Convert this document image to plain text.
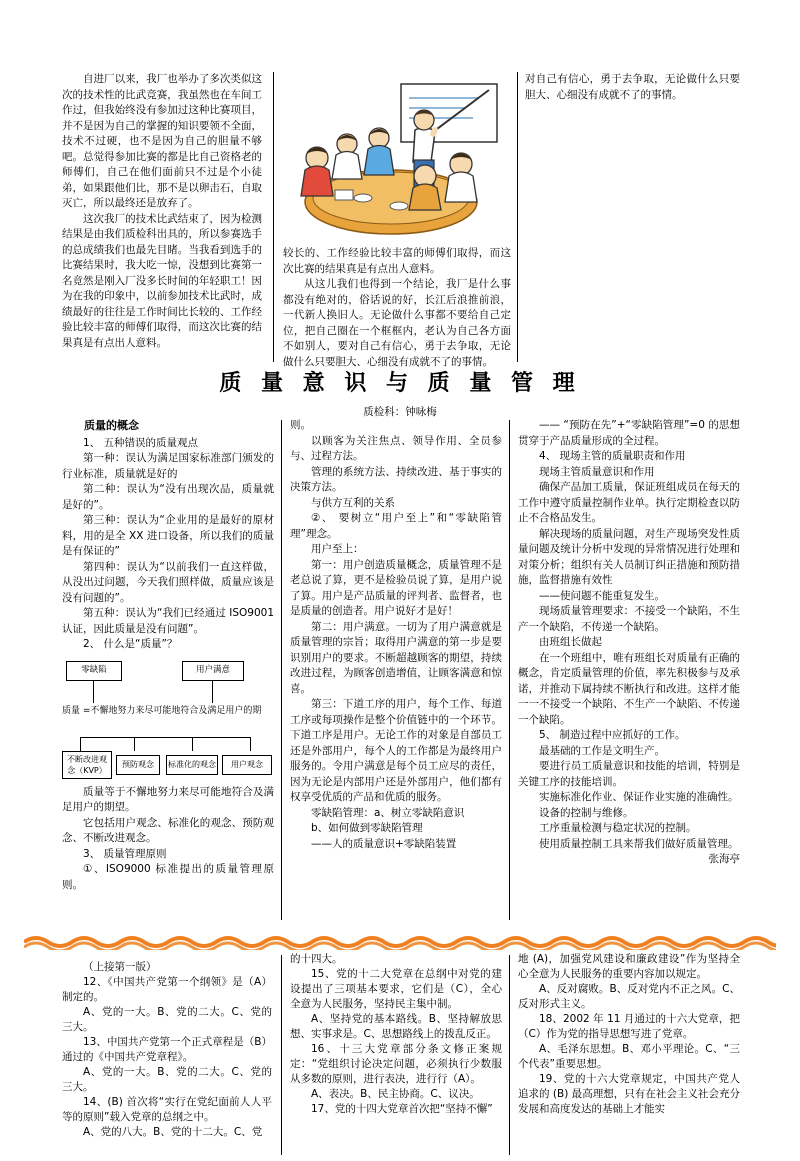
自进厂以来，我厂也举办了多次类似这次的技术性的比武竞赛，我虽然也在车间工作过，但我始终没有参加过这种比赛项目，并不是因为自己的掌握的知识要领不全面，技术不过硬，也不是因为自己的胆量不够吧。总觉得参加比赛的都是比自己资格老的师傅们，自己在他们面前只不过是个小徒弟，如果跟他们比，那不是以卵击石，自取灭亡，所以最终还是放弃了。

这次我厂的技术比武结束了，因为检测结果是由我们质检科出具的，所以参赛选手的总成绩我们也最先目睹。当我看到选手的比赛结果时，我大吃一惊，没想到比赛第一名竟然是刚入厂没多长时间的年轻职工！因为在我的印象中，以前参加技术比武时，成绩最好的往往是工作时间比长较的、工作经验比较丰富的师傅们取得，而这次比赛的结果真是有点出人意料。

较长的、工作经验比较丰富的师傅们取得，而这次比赛的结果真是有点出人意料。

从这儿我们也得到一个结论，我厂是什么事都没有绝对的，俗话说的好，长江后浪推前浪，一代新人换旧人。无论做什么事都不要给自己定位，把自己圈在一个框框内，老认为自己各方面不如别人，要对自己有信心，勇于去争取，无论做什么只要胆大、心细没有成就不了的事情。

对自己有信心，勇于去争取，无论做什么只要胆大、心细没有成就不了的事情。

质 量 意 识 与 质 量 管 理
质检科：钟咏梅
质量的概念

1、 五种错误的质量观点

第一种：误认为满足国家标准部门颁发的行业标准，质量就是好的

第二种：误认为“没有出现次品，质量就是好的”。

第三种：误认为“企业用的是最好的原材料，用的是全 XX 进口设备，所以我们的质量是有保证的”

第四种：误认为“以前我们一直这样做，从没出过问题，今天我们照样做，质量应该是没有问题的”。

第五种：误认为“我们已经通过 ISO9001 认证，因此质量是没有问题”。

2、 什么是“质量”？

零缺陷	用户满意
质量 =不懈地努力来尽可能地符合及满足用户的期
不断改进观念（KVP）
预防观念	标准化的观念	用户观念

质量等于不懈地努力来尽可能地符合及满足用户的期望。

它包括用户观念、标准化的观念、预防观念、不断改进观念。

3、 质量管理原则

①、ISO9000 标准提出的质量管理原则。

则。

以顾客为关注焦点、领导作用、全员参与、过程方法。

管理的系统方法、持续改进、基于事实的决策方法。

与供方互利的关系

②、 要树立“用户至上”和“零缺陷管理”理念。

用户至上：

第一：用户创造质量概念，质量管理不是老总说了算，更不是检验员说了算，是用户说了算。用户是产品质量的评判者、监督者，也是质量的创造者。用户说好才是好！

第二：用户满意。一切为了用户满意就是质量管理的宗旨；取得用户满意的第一步是要识别用户的要求。不断超越顾客的期望，持续改进过程，为顾客创造增值，让顾客满意和惊喜。

第三：下道工序的用户，每个工作、每道工序或每项操作是整个价值链中的一个环节。下道工序是用户。无论工作的对象是自部员工还是外部用户，每个人的工作都是为最终用户服务的。令用户满意是每个员工应尽的责任，因为无论是内部用户还是外部用户，他们都有权享受优质的产品和优质的服务。

零缺陷管理：a、树立零缺陷意识

b、如何做到零缺陷管理

——人的质量意识+零缺陷装置

—— “预防在先”+“零缺陷管理”=0 的思想贯穿于产品质量形成的全过程。

4、 现场主管的质量职责和作用

现场主管质量意识和作用

确保产品加工质量，保证班组成员在每天的工作中遵守质量控制作业单。执行定期检查以防止不合格品发生。

解决现场的质量问题，对生产现场突发性质量问题及统计分析中发现的异常情况进行处理和对策分析；组织有关人员制订纠正措施和预防措施，监督措施有效性

——使问题不能重复发生。

现场质量管理要求：不接受一个缺陷，不生产一个缺陷，不传递一个缺陷。

由班组长做起

在一个班组中，唯有班组长对质量有正确的概念，肯定质量管理的价值，率先积极参与及承诺，并推动下属持续不断执行和改进。这样才能一一不接受一个缺陷、不生产一个缺陷、不传递一个缺陷。

5、 制造过程中应抓好的工作。

最基础的工作是文明生产。

要进行员工质量意识和技能的培训，特别是关键工序的技能培训。

实施标准化作业、保证作业实施的准确性。

设备的控制与维修。

工序重量检测与稳定状况的控制。

使用质量控制工具来帮我们做好质量管理。

张海亭

（上接第一版）

12、《中国共产党第一个纲领》是（A）制定的。

A、党的一大。B、党的二大。C、党的三大。

13、中国共产党第一个正式章程是（B）通过的《中国共产党章程》。

A、党的一大。B、党的二大。C、党的三大。

14、(B) 首次将“实行在党纪面前人人平等的原则”载入党章的总纲之中。

A、党的八大。B、党的十二大。C、党

的十四大。

15、党的十二大党章在总纲中对党的建设提出了三项基本要求，它们是（C），全心全意为人民服务，坚持民主集中制。

A、坚持党的基本路线。B、坚持解放思想、实事求是。C、思想路线上的拨乱反正。

16、十三大党章部分条文修正案规定：“党组织讨论决定问题，必须执行少数服从多数的原则，进行表决，进行行（A）。

A、表决。B、民主协商。C、议决。

17、党的十四大党章首次把“坚持不懈”

地 (A)，加强党风建设和廉政建设”作为坚持全心全意为人民服务的重要内容加以规定。

A、反对腐败。B、反对党内不正之风。C、反对形式主义。

18、2002 年 11 月通过的十六大党章，把（C）作为党的指导思想写进了党章。

A、毛泽东思想。B、邓小平理论。C、“三个代表”重要思想。

19、党的十六大党章规定，中国共产党人追求的 (B) 最高理想，只有在社会主义社会充分发展和高度发达的基础上才能实
